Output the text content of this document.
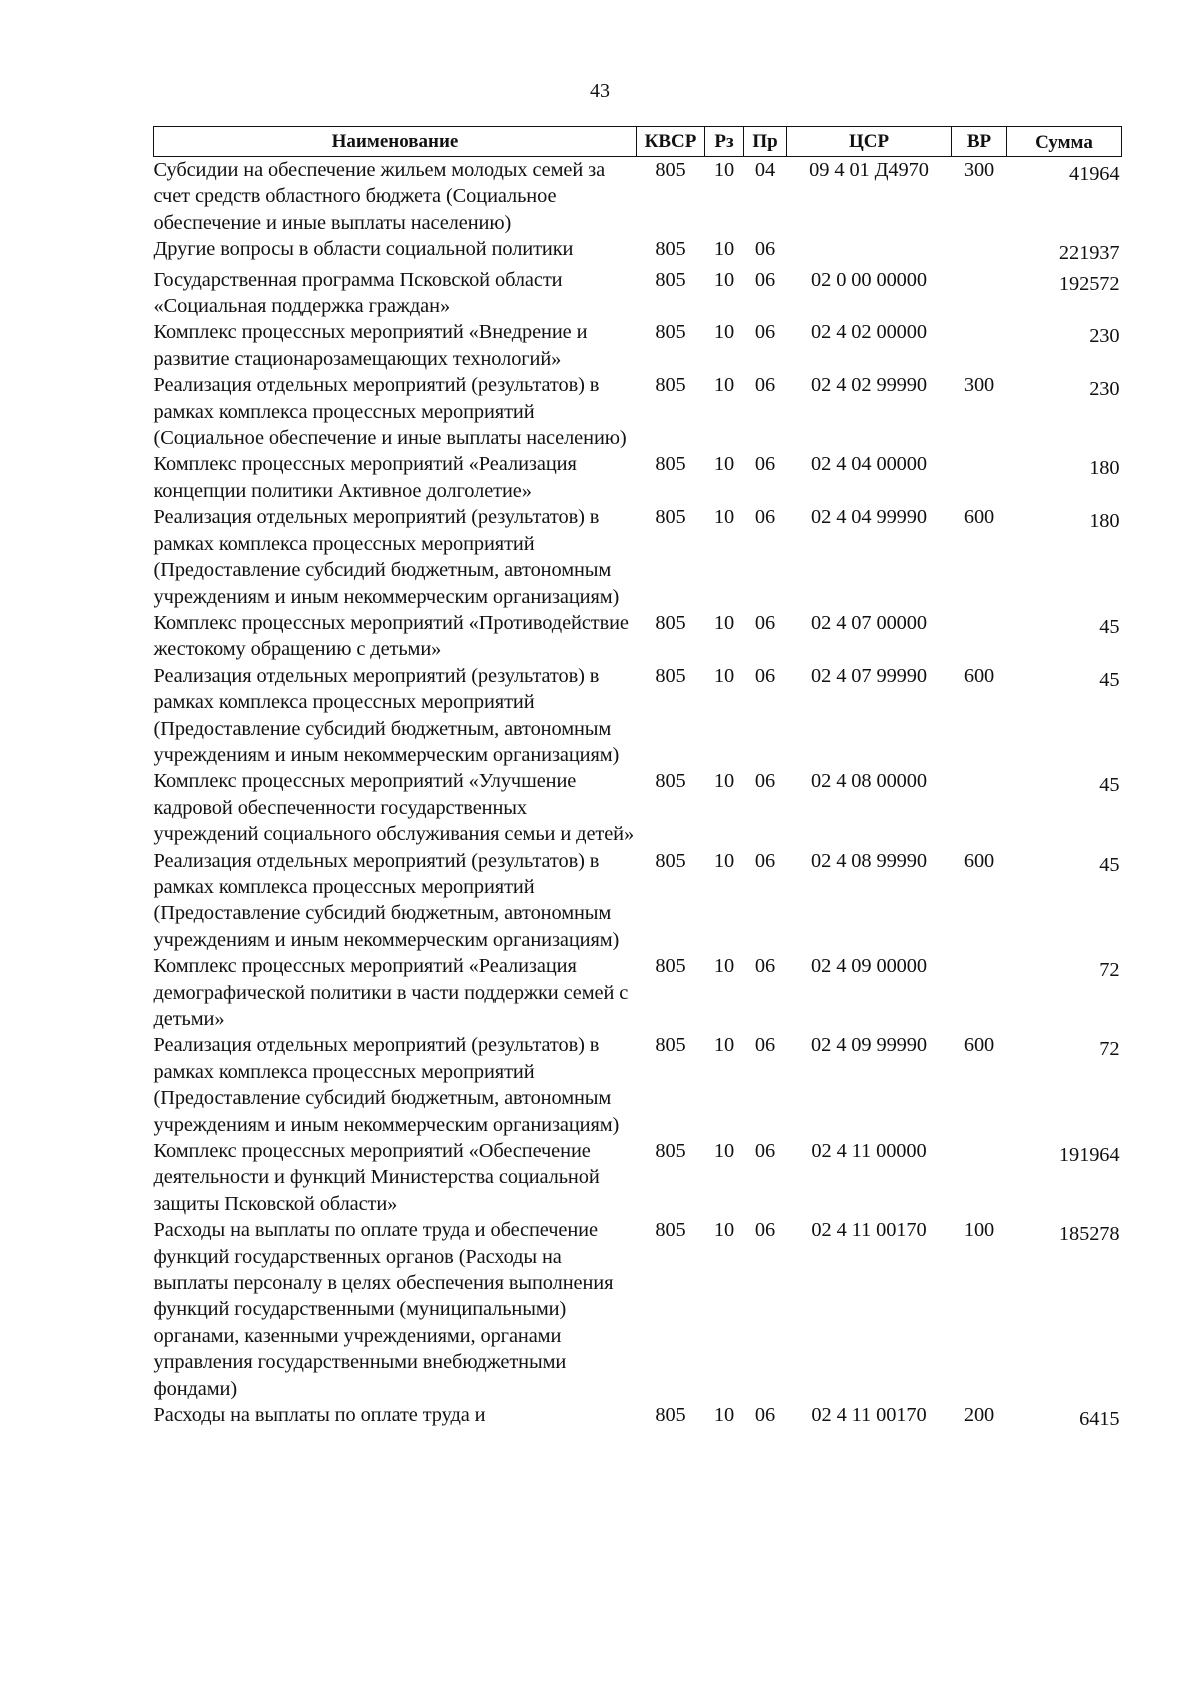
43
Наименование	КВСР	Рз	Пр	ЦСР	ВР	Сумма
Субсидии на обеспечение жильем молодых семей за счет средств областного бюджета (Социальное обеспечение и иные выплаты населению)	805	10	04	09 4 01 Д4970	300	41964
Другие вопросы в области социальной политики	805	10	06			221937
Государственная программа Псковской области «Социальная поддержка граждан»	805	10	06	02 0 00 00000		192572
Комплекс процессных мероприятий «Внедрение и развитие стационарозамещающих технологий»	805	10	06	02 4 02 00000		230
Реализация отдельных мероприятий (результатов) в рамках комплекса процессных мероприятий (Социальное обеспечение и иные выплаты населению)	805	10	06	02 4 02 99990	300	230
Комплекс процессных мероприятий «Реализация концепции политики Активное долголетие»	805	10	06	02 4 04 00000		180
Реализация отдельных мероприятий (результатов) в рамках комплекса процессных мероприятий (Предоставление субсидий бюджетным, автономным учреждениям и иным некоммерческим организациям)	805	10	06	02 4 04 99990	600	180
Комплекс процессных мероприятий «Противодействие жестокому обращению с детьми»	805	10	06	02 4 07 00000		45
Реализация отдельных мероприятий (результатов) в рамках комплекса процессных мероприятий (Предоставление субсидий бюджетным, автономным учреждениям и иным некоммерческим организациям)	805	10	06	02 4 07 99990	600	45
Комплекс процессных мероприятий «Улучшение кадровой обеспеченности государственных учреждений социального обслуживания семьи и детей»	805	10	06	02 4 08 00000		45
Реализация отдельных мероприятий (результатов) в рамках комплекса процессных мероприятий (Предоставление субсидий бюджетным, автономным учреждениям и иным некоммерческим организациям)	805	10	06	02 4 08 99990	600	45
Комплекс процессных мероприятий «Реализация демографической политики в части поддержки семей с детьми»	805	10	06	02 4 09 00000		72
Реализация отдельных мероприятий (результатов) в рамках комплекса процессных мероприятий (Предоставление субсидий бюджетным, автономным учреждениям и иным некоммерческим организациям)	805	10	06	02 4 09 99990	600	72
Комплекс процессных мероприятий «Обеспечение деятельности и функций Министерства социальной защиты Псковской области»	805	10	06	02 4 11 00000		191964
Расходы на выплаты по оплате труда и обеспечение функций государственных органов (Расходы на выплаты персоналу в целях обеспечения выполнения функций государственными (муниципальными) органами, казенными учреждениями, органами управления государственными внебюджетными фондами)	805	10	06	02 4 11 00170	100	185278
Расходы на выплаты по оплате труда и	805	10	06	02 4 11 00170	200	6415
